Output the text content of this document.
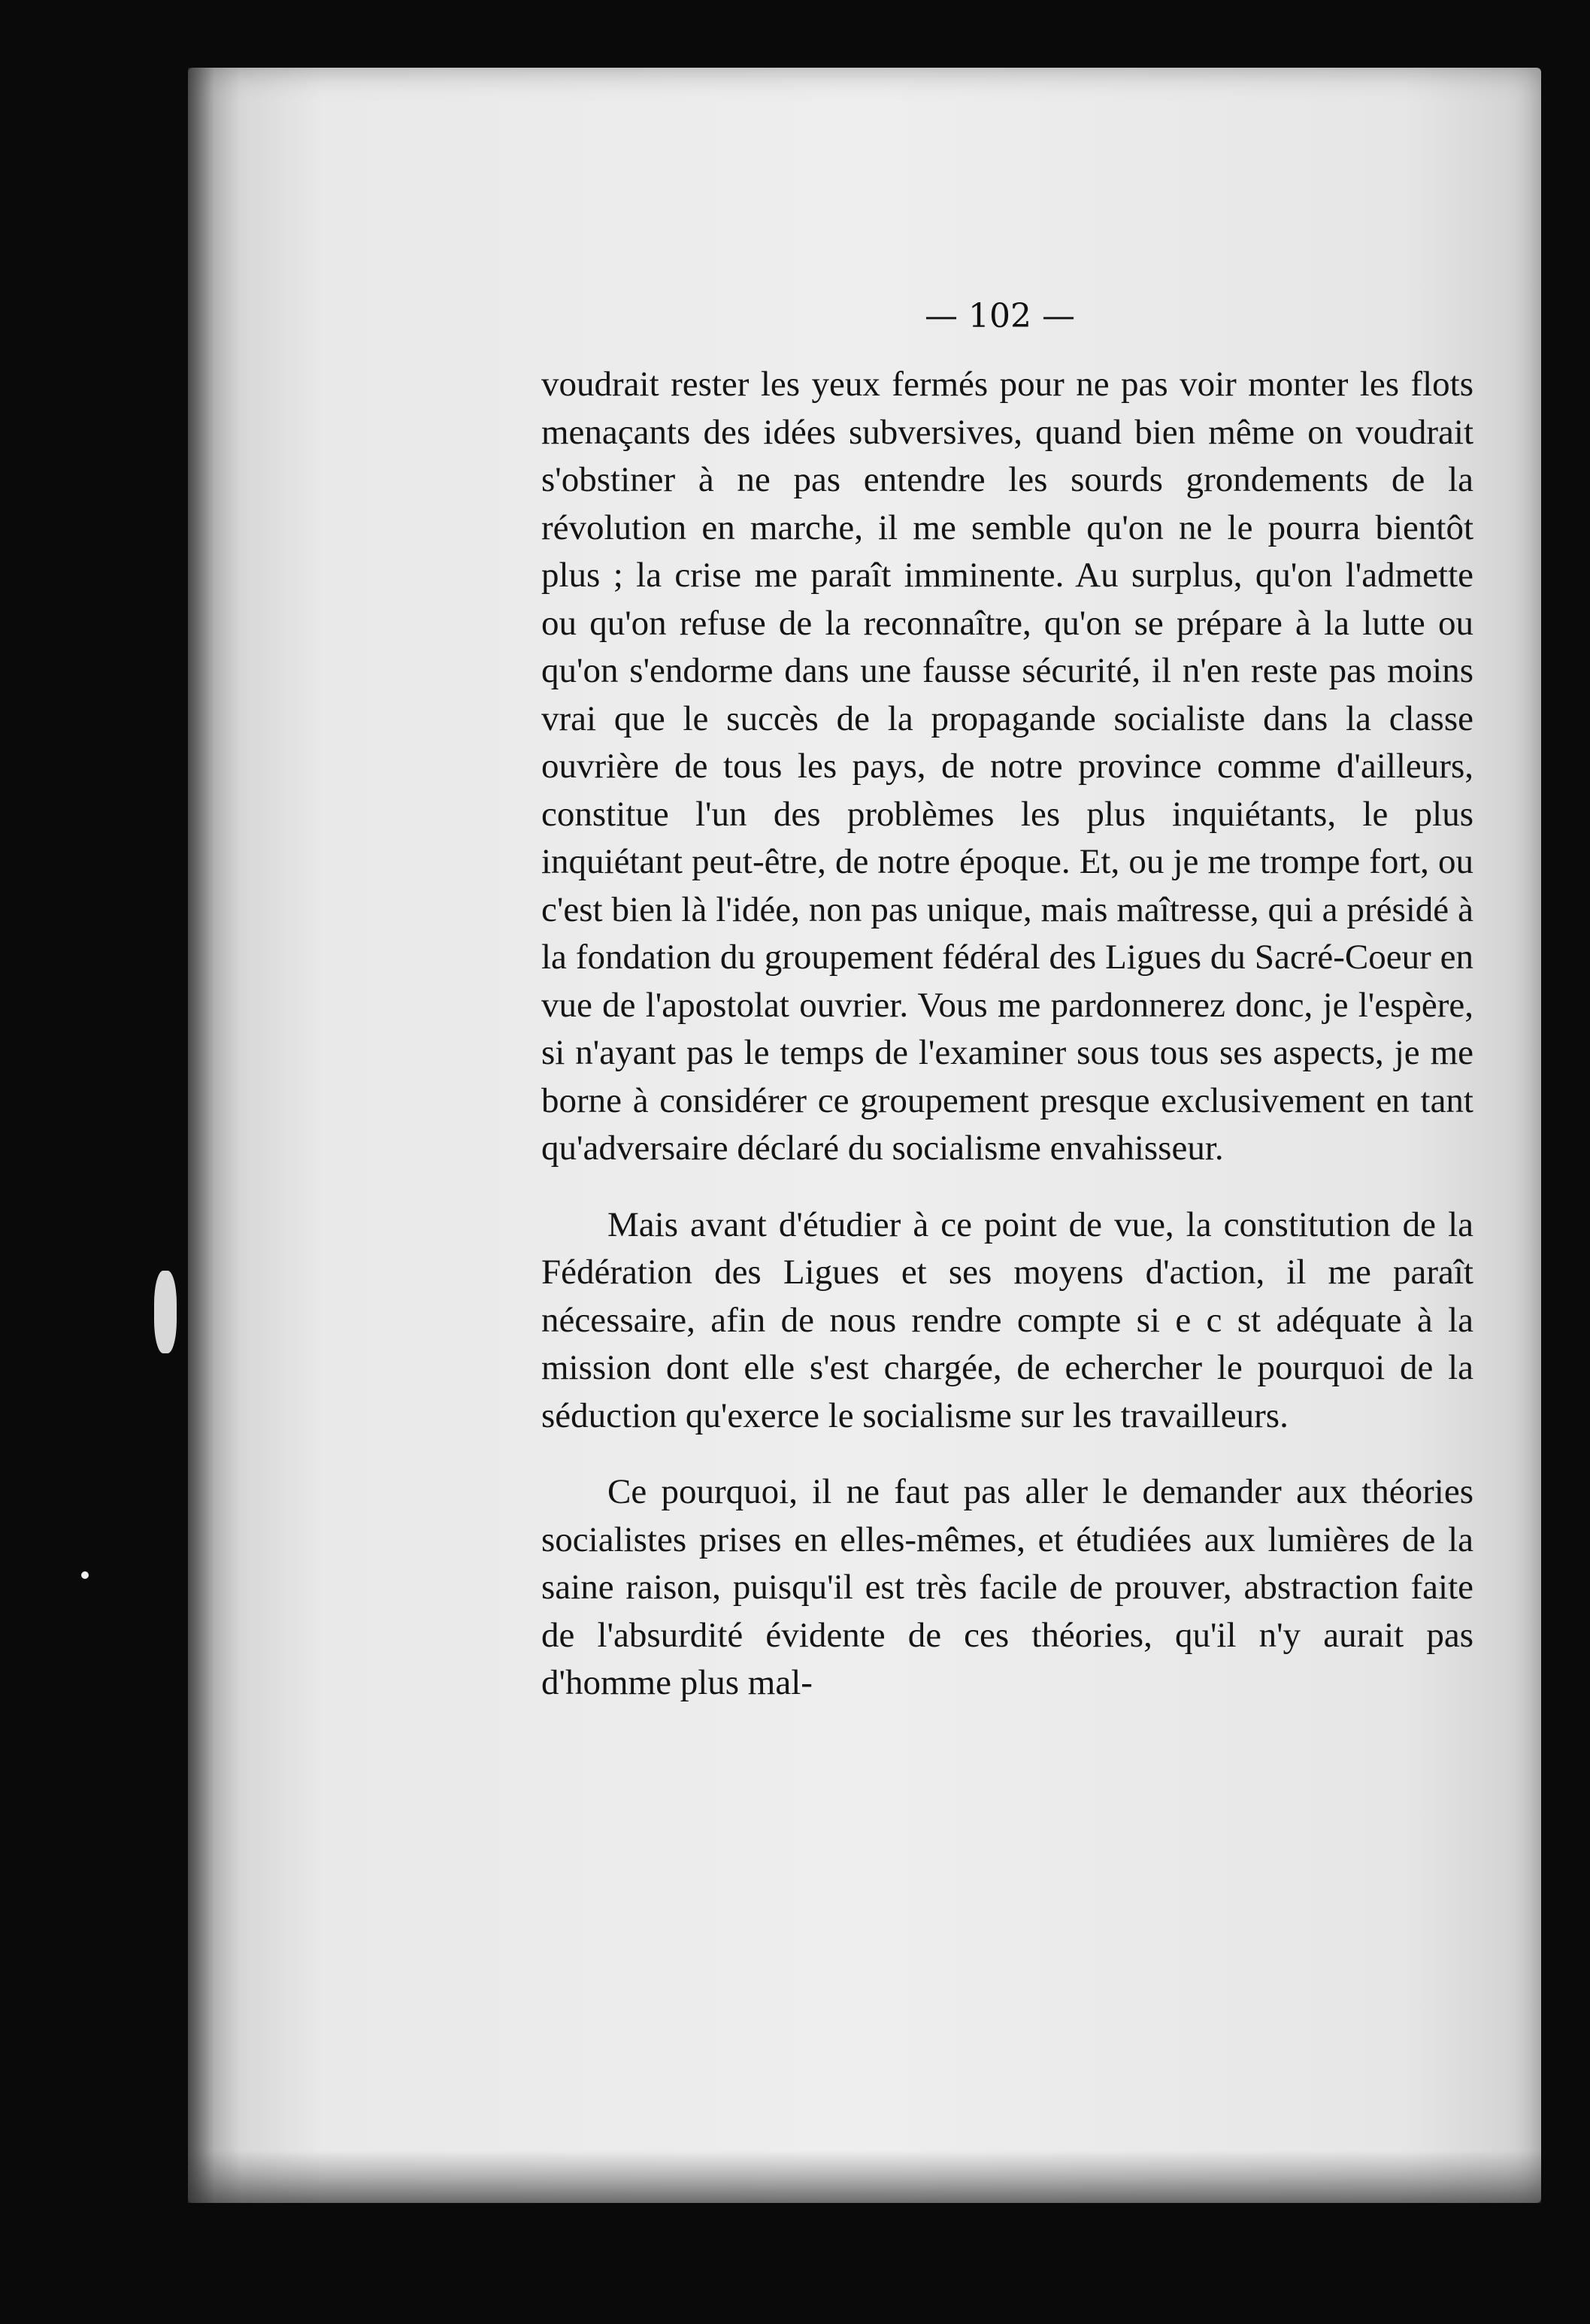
— 102 —

voudrait rester les yeux fermés pour ne pas voir monter les flots menaçants des idées subversives, quand bien même on voudrait s'obstiner à ne pas entendre les sourds grondements de la révolution en marche, il me semble qu'on ne le pourra bientôt plus ; la crise me paraît imminente. Au surplus, qu'on l'admette ou qu'on refuse de la reconnaître, qu'on se prépare à la lutte ou qu'on s'endorme dans une fausse sécurité, il n'en reste pas moins vrai que le succès de la propagande socialiste dans la classe ouvrière de tous les pays, de notre province comme d'ailleurs, constitue l'un des problèmes les plus inquiétants, le plus inquiétant peut-être, de notre époque. Et, ou je me trompe fort, ou c'est bien là l'idée, non pas unique, mais maîtresse, qui a présidé à la fondation du groupement fédéral des Ligues du Sacré-Coeur en vue de l'apostolat ouvrier. Vous me pardonnerez donc, je l'espère, si n'ayant pas le temps de l'examiner sous tous ses aspects, je me borne à considérer ce groupement presque exclusivement en tant qu'adversaire déclaré du socialisme envahisseur.

Mais avant d'étudier à ce point de vue, la constitution de la Fédération des Ligues et ses moyens d'action, il me paraît nécessaire, afin de nous rendre compte si e c st adéquate à la mission dont elle s'est chargée, de echercher le pourquoi de la séduction qu'exerce le socialisme sur les travailleurs.

Ce pourquoi, il ne faut pas aller le demander aux théories socialistes prises en elles-mêmes, et étudiées aux lumières de la saine raison, puisqu'il est très facile de prouver, abstraction faite de l'absurdité évidente de ces théories, qu'il n'y aurait pas d'homme plus mal-
